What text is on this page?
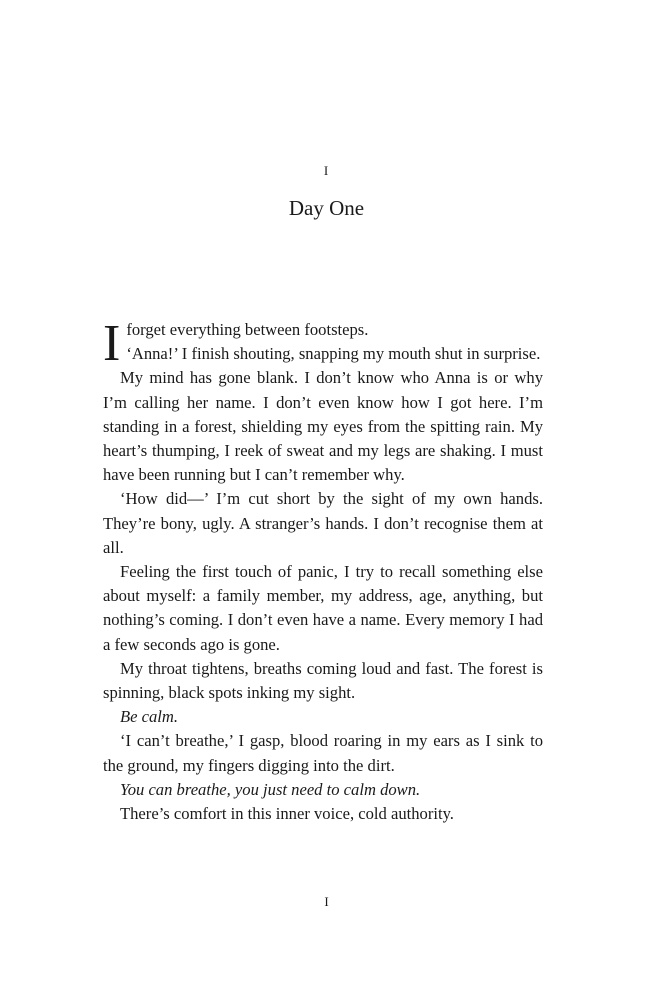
I
Day One

Iforget everything between footsteps.

‘Anna!’ I finish shouting, snapping my mouth shut in surprise.

My mind has gone blank. I don’t know who Anna is or why I’m calling her name. I don’t even know how I got here. I’m standing in a forest, shielding my eyes from the spitting rain. My heart’s thumping, I reek of sweat and my legs are shaking. I must have been running but I can’t remember why.

‘How did—’ I’m cut short by the sight of my own hands. They’re bony, ugly. A stranger’s hands. I don’t recognise them at all.

Feeling the first touch of panic, I try to recall something else about myself: a family member, my address, age, anything, but nothing’s coming. I don’t even have a name. Every memory I had a few seconds ago is gone.

My throat tightens, breaths coming loud and fast. The forest is spinning, black spots inking my sight.

Be calm.

‘I can’t breathe,’ I gasp, blood roaring in my ears as I sink to the ground, my fingers digging into the dirt.

You can breathe, you just need to calm down.

There’s comfort in this inner voice, cold authority.

I
